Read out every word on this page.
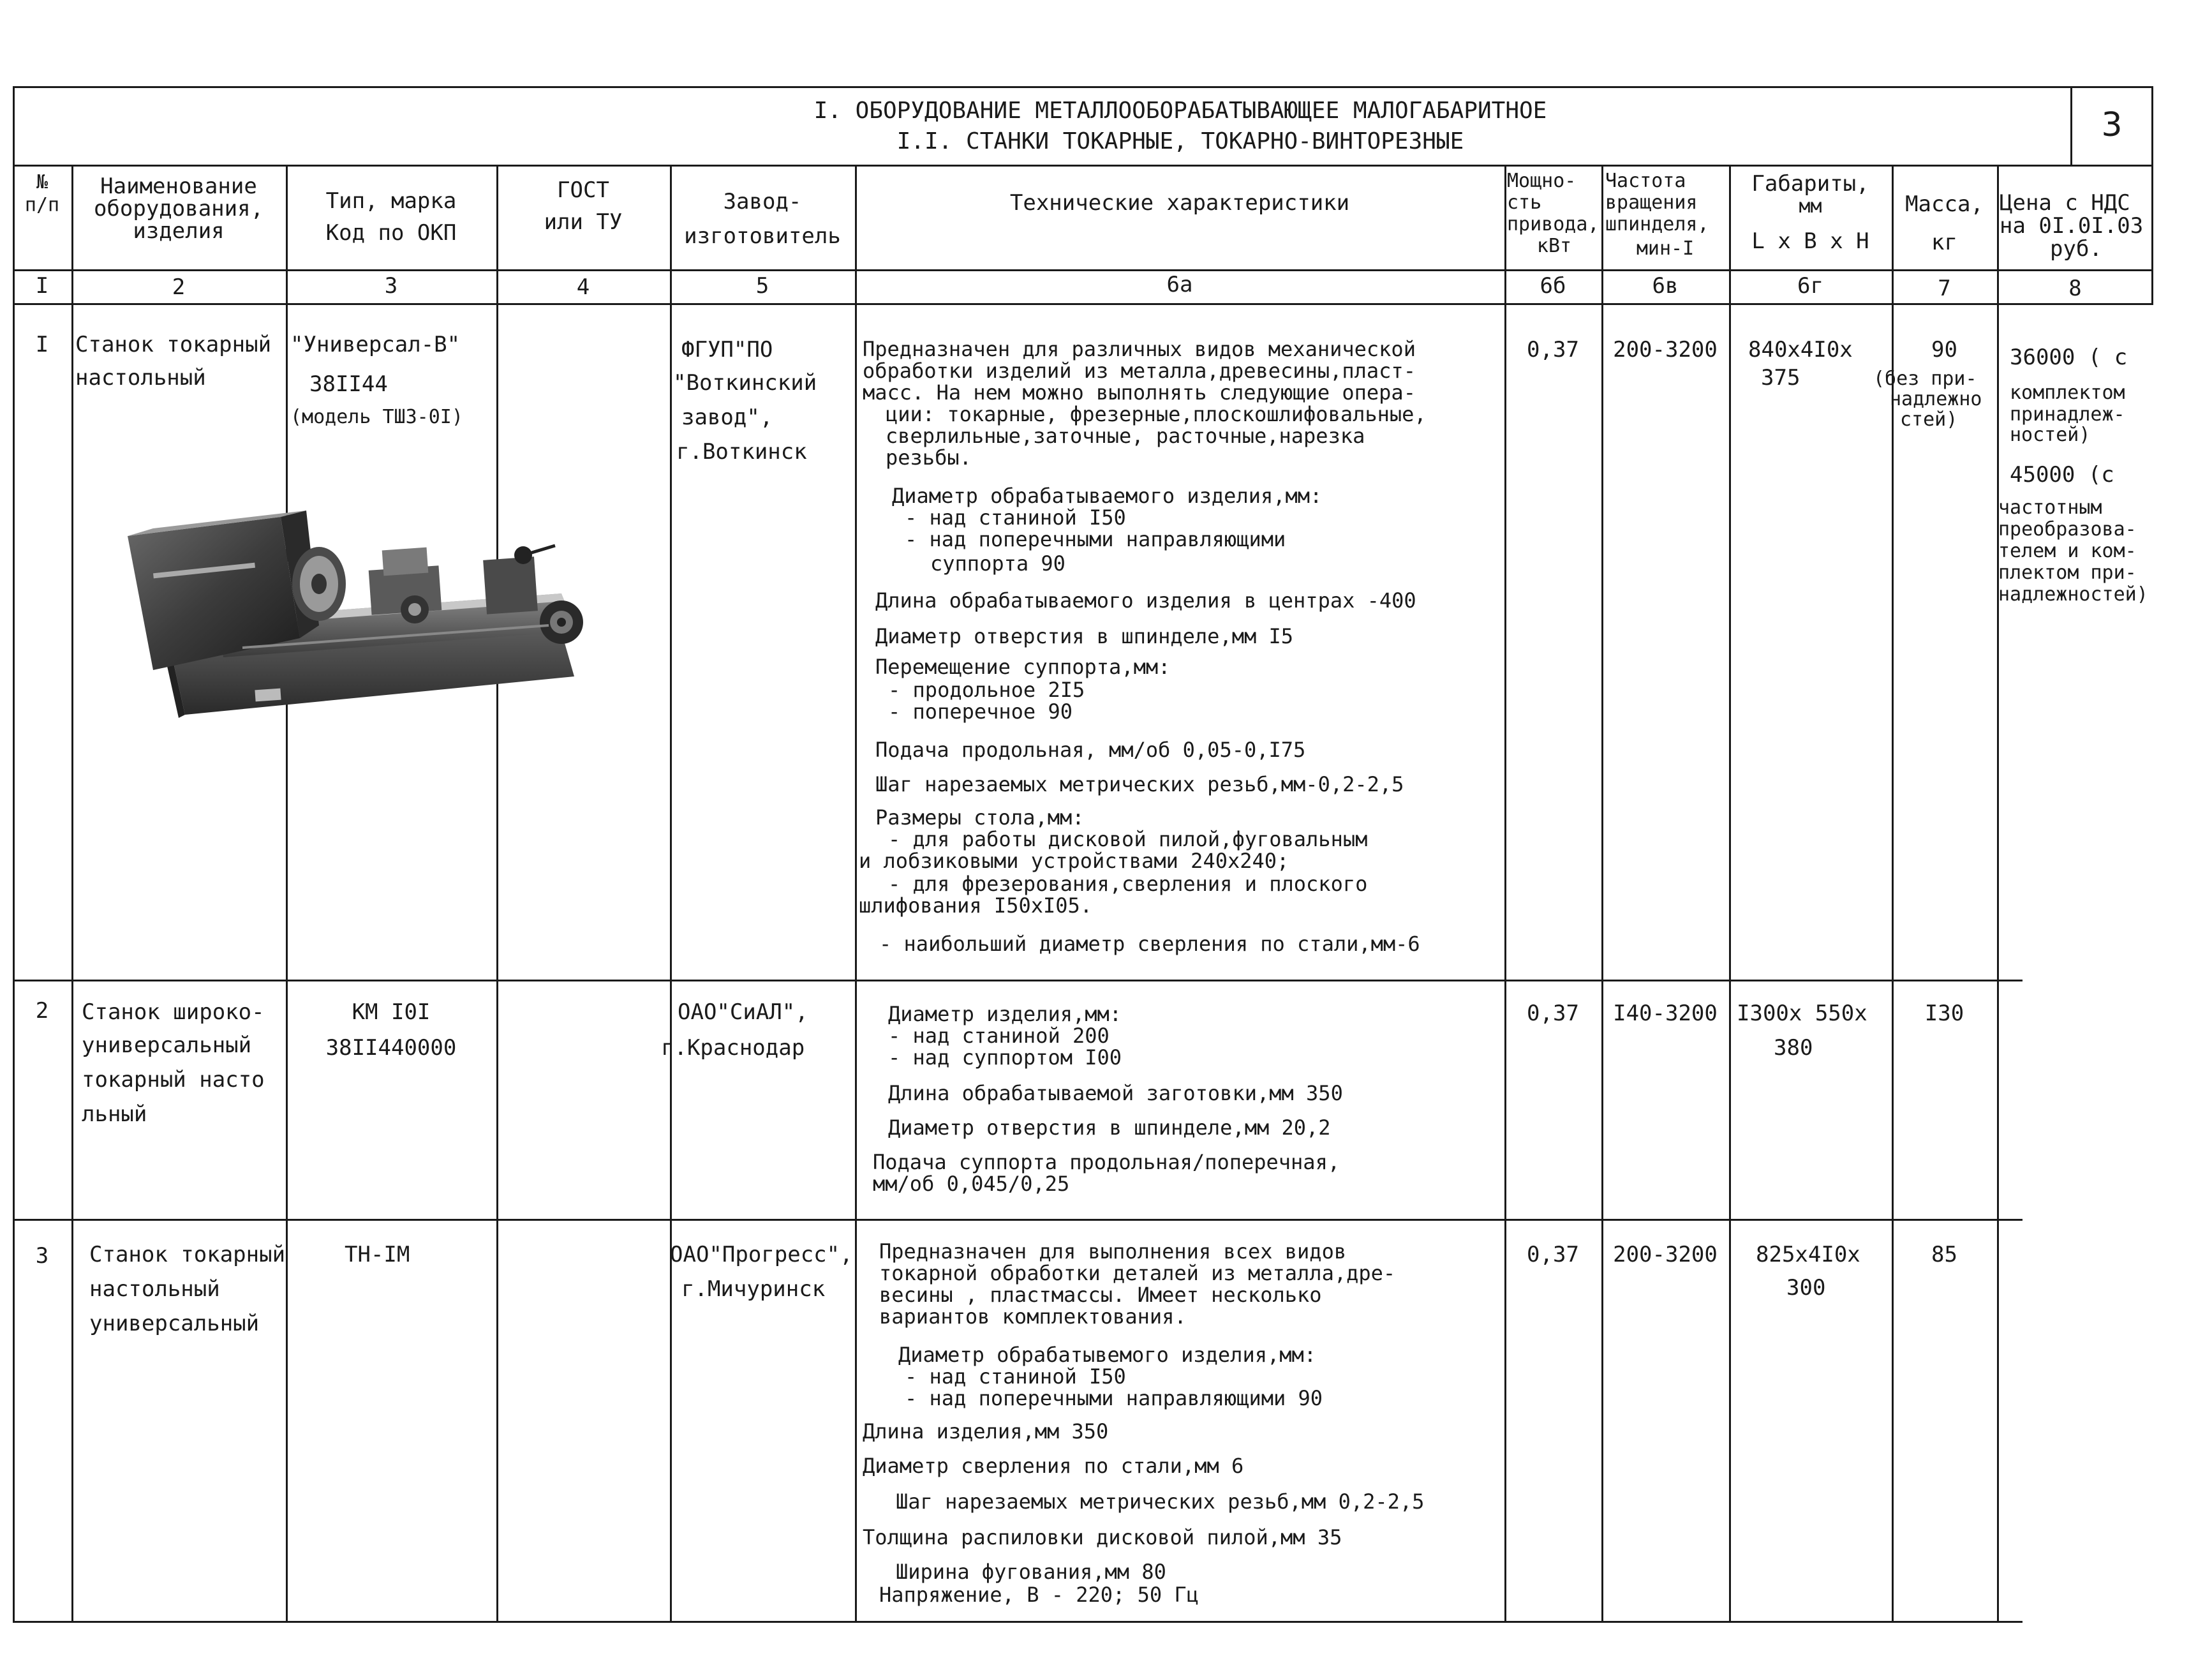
I. ОБОРУДОВАНИЕ МЕТАЛЛООБОРАБАТЫВАЮЩЕЕ МАЛОГАБАРИТНОЕ
I.I. СТАНКИ ТОКАРНЫЕ, ТОКАРНО-ВИНТОРЕЗНЫЕ	3
№
п/п
Наименование
оборудования,
изделия
Тип, марка
Код по ОКП
ГОСТ
или ТУ
Завод-
изготовитель
Технические характеристики
Мощно-
сть
привода,
кВт
Частота
вращения
шпинделя,
мин-I
Габариты,
мм
L х В х Н
Масса,
кг
Цена с НДС
на 0I.0I.03
руб.
I	2	3	4	5	6а	6б	6в	6г	7	8
I	Станок токарный
настольный
"Универсал-В"
38II44
(модель ТШЗ-0I)
ФГУП"ПО
"Воткинский
завод",
г.Воткинск
Предназначен для различных видов механической
обработки изделий из металла,древесины,пласт-
масс. На нем можно выполнять следующие опера-
ции: токарные, фрезерные,плоскошлифовальные,
сверлильные,заточные, расточные,нарезка
резьбы.
Диаметр обрабатываемого изделия,мм:
- над станиной I50
- над поперечными направляющими
суппорта 90
Длина обрабатываемого изделия в центрах -400
Диаметр отверстия в шпинделе,мм I5
Перемещение суппорта,мм:
- продольное 2I5
- поперечное 90
Подача продольная, мм/об 0,05-0,I75
Шаг нарезаемых метрических резьб,мм-0,2-2,5
Размеры стола,мм:
- для работы дисковой пилой,фуговальным
и лобзиковыми устройствами 240х240;
- для фрезерования,сверления и плоского
шлифования I50хI05.
- наибольший диаметр сверления по стали,мм-6
0,37	200-3200	840х4I0х
375
90
(без при-
надлежно
стей)
36000 ( с
комплектом
принадлеж-
ностей)
45000 (с
частотным
преобразова-
телем и ком-
плектом при-
надлежностей)
2	Станок широко-
универсальный
токарный насто
льный
КМ I0I
38II440000
ОАО"СиАЛ",
г.Краснодар
Диаметр изделия,мм:
- над станиной 200
- над суппортом I00
Длина обрабатываемой заготовки,мм 350
Диаметр отверстия в шпинделе,мм 20,2
Подача суппорта продольная/поперечная,
мм/об 0,045/0,25
0,37	I40-3200 I300х 550х
380
I30
3	Станок токарный
настольный
универсальный
ТН-IМ	ОАО"Прогресс",
г.Мичуринск
Предназначен для выполнения всех видов
токарной обработки деталей из металла,дре-
весины , пластмассы. Имеет несколько
вариантов комплектования.
Диаметр обрабатывемого изделия,мм:
- над станиной I50
- над поперечными направляющими 90
Длина изделия,мм 350
Диаметр сверления по стали,мм 6
Шаг нарезаемых метрических резьб,мм 0,2-2,5
Толщина распиловки дисковой пилой,мм 35
Ширина фугования,мм 80
Напряжение, В - 220; 50 Гц
0,37	200-3200	825х4I0х
300
85
